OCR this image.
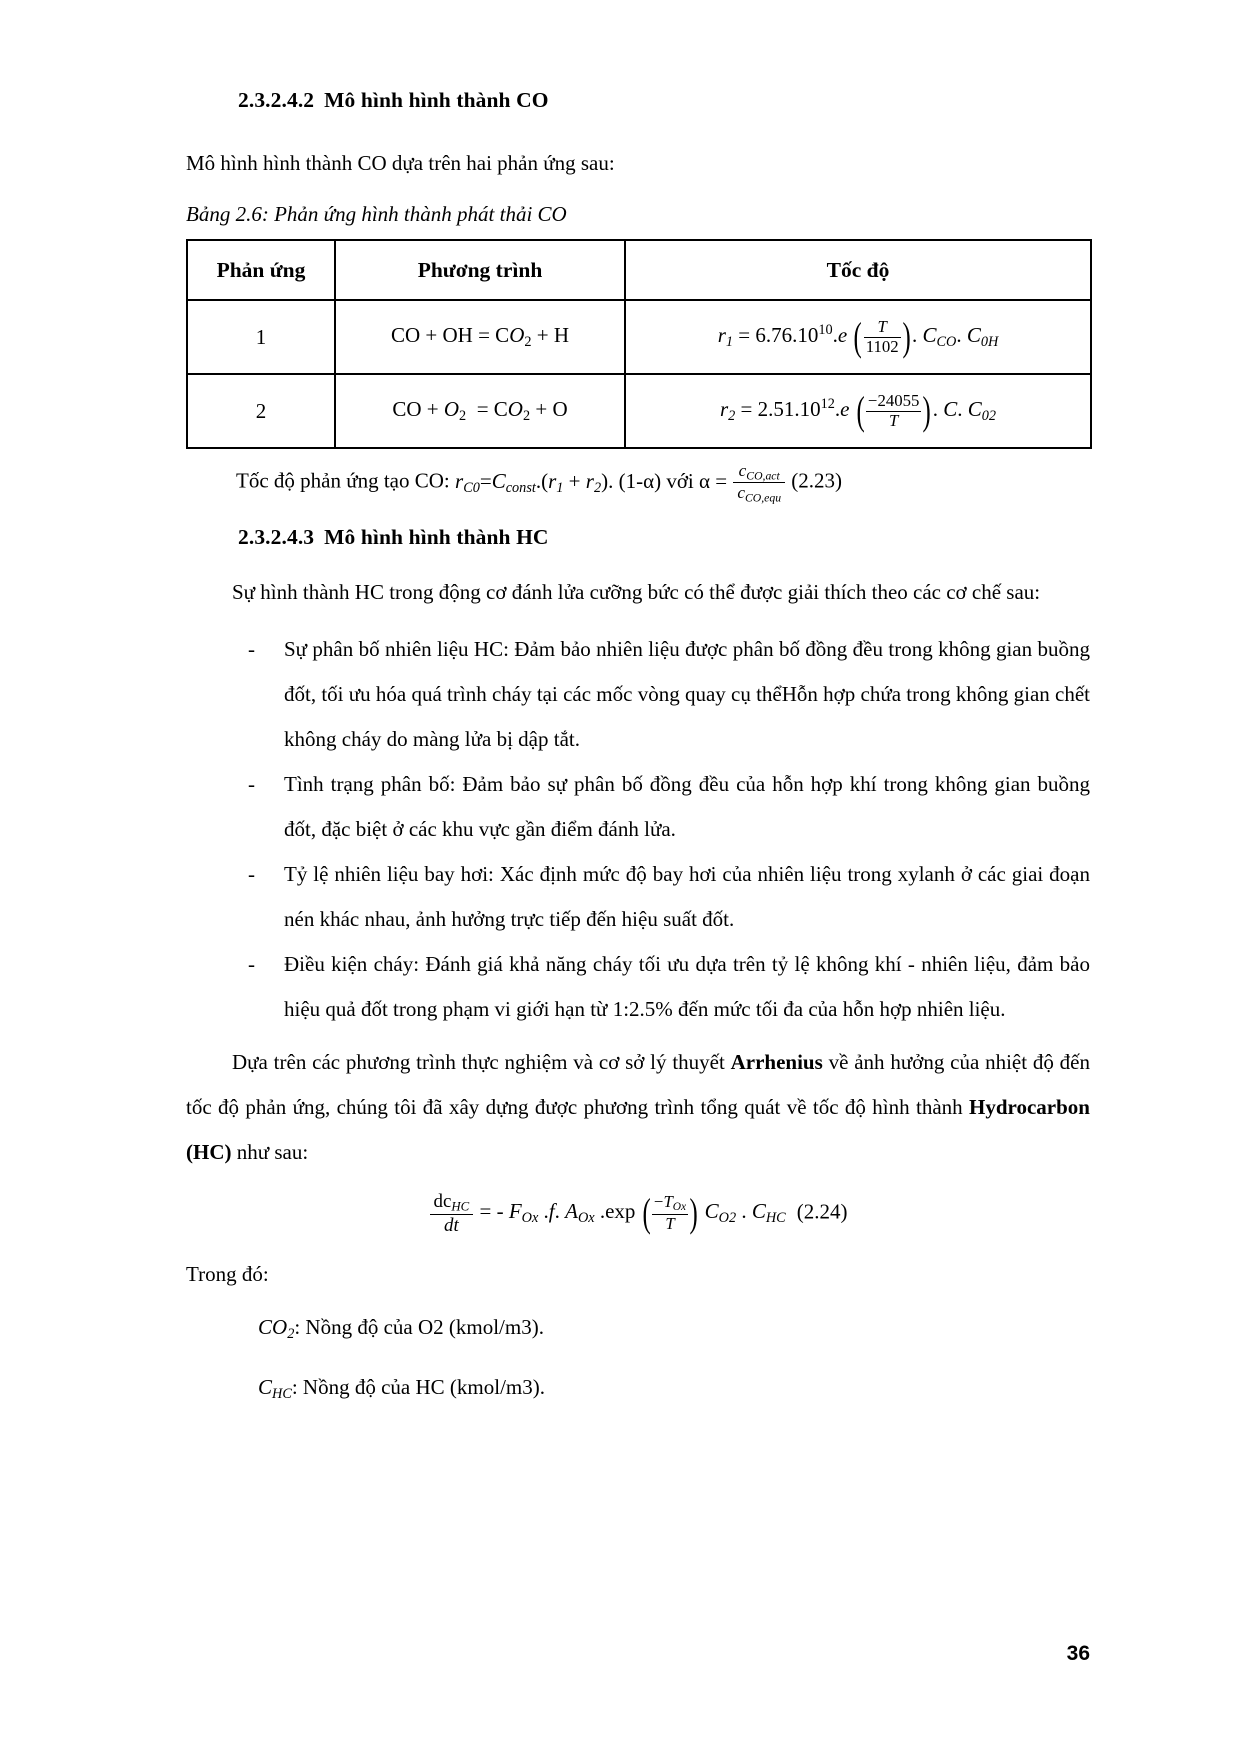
2.3.2.4.2 Mô hình hình thành CO

Mô hình hình thành CO dựa trên hai phản ứng sau:

Bảng 2.6: Phản ứng hình thành phát thải CO

Phản ứng	Phương trình	Tốc độ
1	CO + OH = $CO_2 + H$	$r_1 = 6.76.10^{10}.e$ ( $\frac{T}{1102}$ ). $C_{CO}$. $C_{0H}$
2	CO + $O_2 = CO_2 + O$	$r_2 = 2.51.10^{12}.e$ ( $\frac{-24055}{T}$ ). C. $C_{02}$

Tốc độ phản ứng tạo CO: $r_{C0}=C_{const}.(r_1 + r_2)$. (1-α) với $\alpha = \frac{c_{CO,act}}{c_{CO,equ}} (2.23)$

2.3.2.4.3 Mô hình hình thành HC

Sự hình thành HC trong động cơ đánh lửa cưỡng bức có thể được giải thích theo các cơ chế sau:

- Sự phân bố nhiên liệu HC: Đảm bảo nhiên liệu được phân bố đồng đều trong không gian buồng đốt, tối ưu hóa quá trình cháy tại các mốc vòng quay cụ thểHỗn hợp chứa trong không gian chết không cháy do màng lửa bị dập tắt.
- Tình trạng phân bố: Đảm bảo sự phân bố đồng đều của hỗn hợp khí trong không gian buồng đốt, đặc biệt ở các khu vực gần điểm đánh lửa.
- Tỷ lệ nhiên liệu bay hơi: Xác định mức độ bay hơi của nhiên liệu trong xylanh ở các giai đoạn nén khác nhau, ảnh hưởng trực tiếp đến hiệu suất đốt.
- Điều kiện cháy: Đánh giá khả năng cháy tối ưu dựa trên tỷ lệ không khí - nhiên liệu, đảm bảo hiệu quả đốt trong phạm vi giới hạn từ 1:2.5% đến mức tối đa của hỗn hợp nhiên liệu.

Dựa trên các phương trình thực nghiệm và cơ sở lý thuyết Arrhenius về ảnh hưởng của nhiệt độ đến tốc độ phản ứng, chúng tôi đã xây dựng được phương trình tổng quát về tốc độ hình thành Hydrocarbon (HC) như sau:

$\frac{dc_{HC}}{dt}$ = - $F_{Ox}$ .f. $A_{Ox}$ .exp ( $\frac{-T_{Ox}}{T}$ ) $C_{O2}$ . $C_{HC}$ (2.24)

Trong đó:

$CO_2$: Nồng độ của O2 (kmol/m3).

$C_{HC}$: Nồng độ của HC (kmol/m3).

36
